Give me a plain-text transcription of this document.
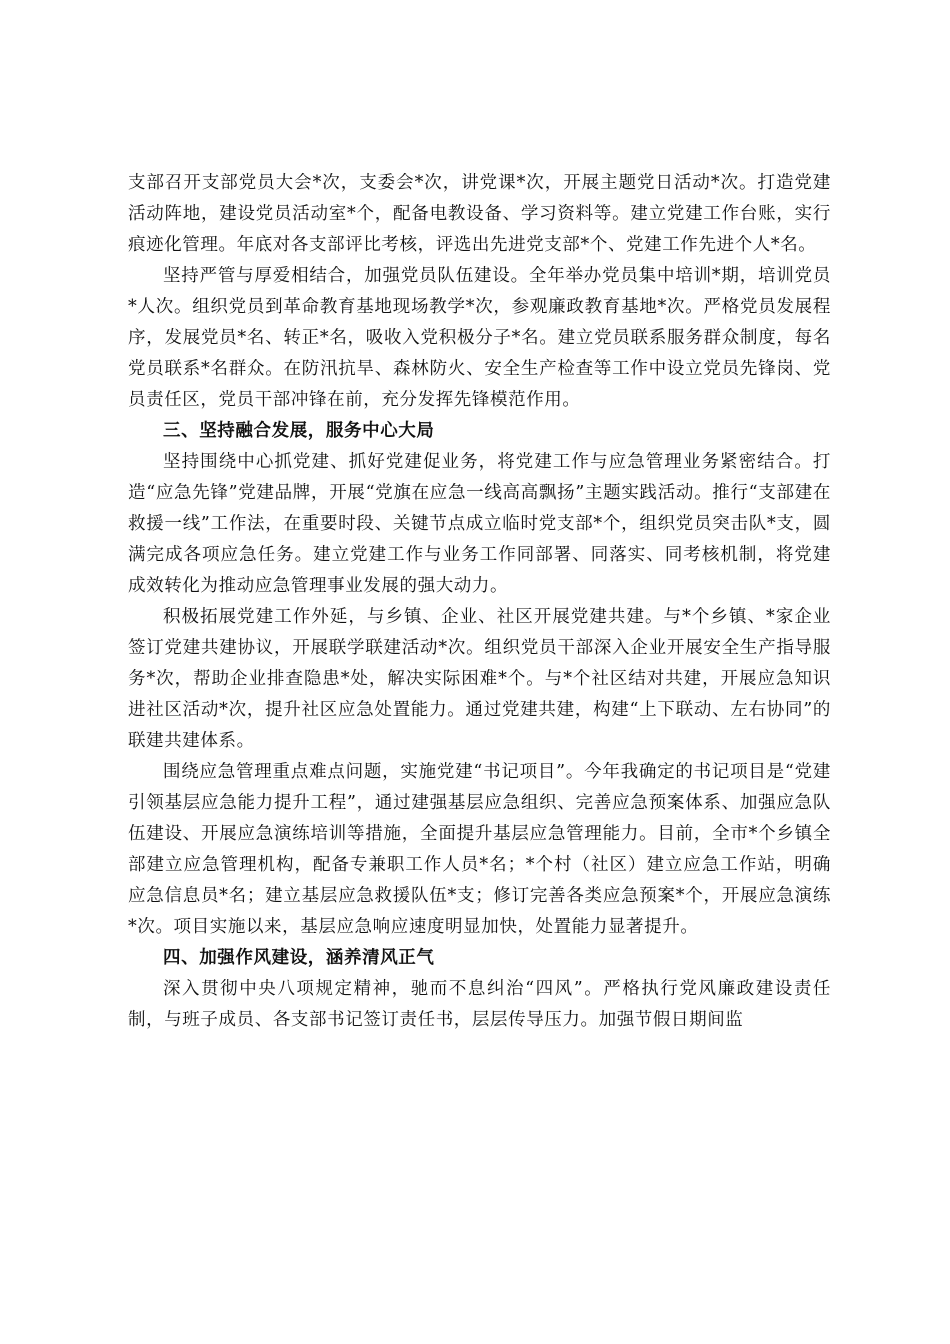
支部召开支部党员大会*次，支委会*次，讲党课*次，开展主题党日活动*次。打造党建活动阵地，建设党员活动室*个，配备电教设备、学习资料等。建立党建工作台账，实行痕迹化管理。年底对各支部评比考核，评选出先进党支部*个、党建工作先进个人*名。

坚持严管与厚爱相结合，加强党员队伍建设。全年举办党员集中培训*期，培训党员*人次。组织党员到革命教育基地现场教学*次，参观廉政教育基地*次。严格党员发展程序，发展党员*名、转正*名，吸收入党积极分子*名。建立党员联系服务群众制度，每名党员联系*名群众。在防汛抗旱、森林防火、安全生产检查等工作中设立党员先锋岗、党员责任区，党员干部冲锋在前，充分发挥先锋模范作用。

三、坚持融合发展，服务中心大局

坚持围绕中心抓党建、抓好党建促业务，将党建工作与应急管理业务紧密结合。打造“应急先锋”党建品牌，开展“党旗在应急一线高高飘扬”主题实践活动。推行“支部建在救援一线”工作法，在重要时段、关键节点成立临时党支部*个，组织党员突击队*支，圆满完成各项应急任务。建立党建工作与业务工作同部署、同落实、同考核机制，将党建成效转化为推动应急管理事业发展的强大动力。

积极拓展党建工作外延，与乡镇、企业、社区开展党建共建。与*个乡镇、*家企业签订党建共建协议，开展联学联建活动*次。组织党员干部深入企业开展安全生产指导服务*次，帮助企业排查隐患*处，解决实际困难*个。与*个社区结对共建，开展应急知识进社区活动*次，提升社区应急处置能力。通过党建共建，构建“上下联动、左右协同”的联建共建体系。

围绕应急管理重点难点问题，实施党建“书记项目”。今年我确定的书记项目是“党建引领基层应急能力提升工程”，通过建强基层应急组织、完善应急预案体系、加强应急队伍建设、开展应急演练培训等措施，全面提升基层应急管理能力。目前，全市*个乡镇全部建立应急管理机构，配备专兼职工作人员*名；*个村（社区）建立应急工作站，明确应急信息员*名；建立基层应急救援队伍*支；修订完善各类应急预案*个，开展应急演练*次。项目实施以来，基层应急响应速度明显加快，处置能力显著提升。

四、加强作风建设，涵养清风正气

深入贯彻中央八项规定精神，驰而不息纠治“四风”。严格执行党风廉政建设责任制，与班子成员、各支部书记签订责任书，层层传导压力。加强节假日期间监
